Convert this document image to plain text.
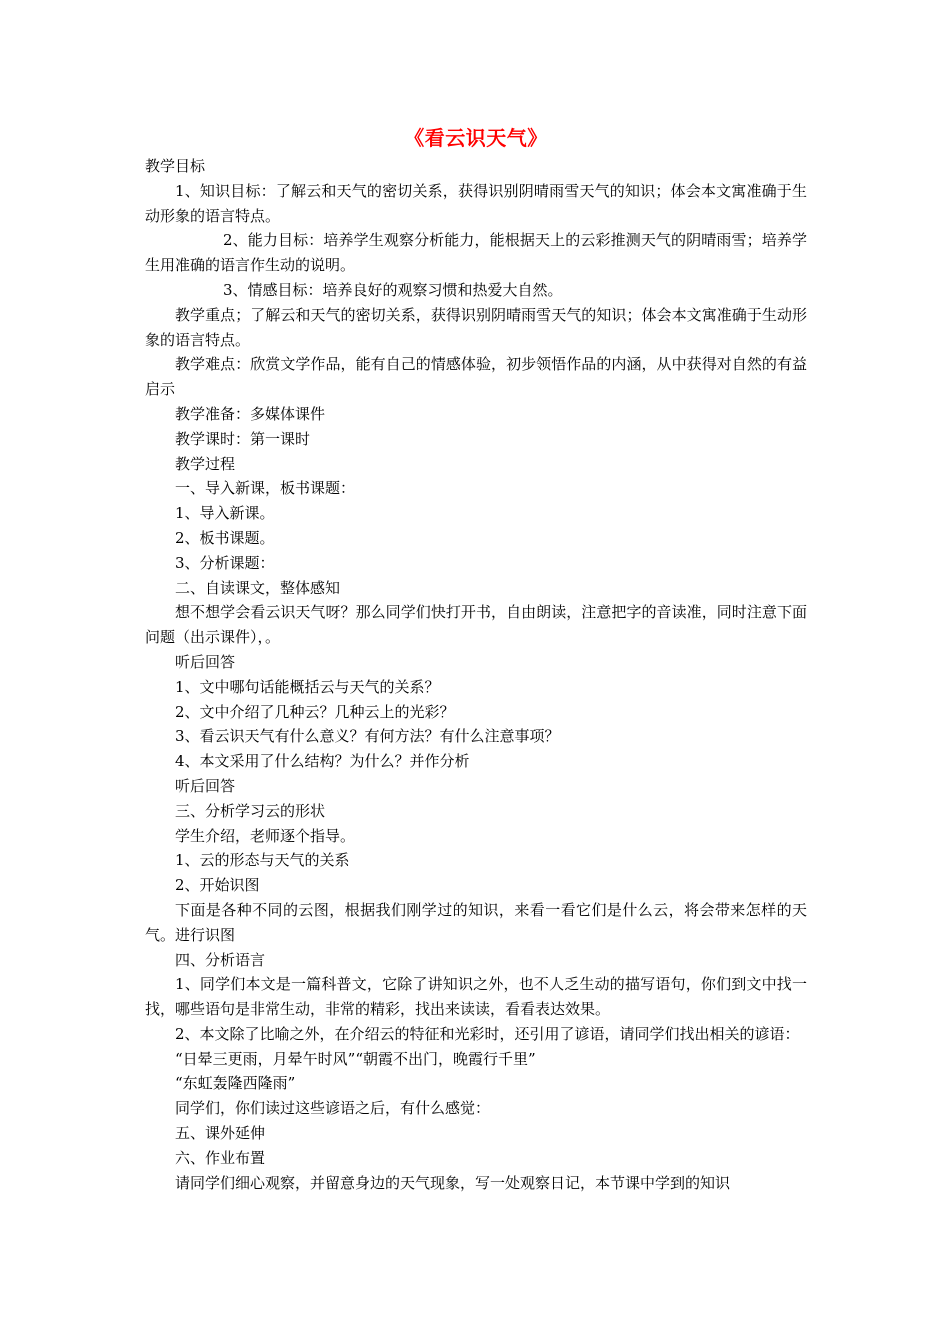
《看云识天气》

教学目标

1、知识目标：了解云和天气的密切关系，获得识别阴晴雨雪天气的知识；体会本文寓准确于生动形象的语言特点。

2、能力目标：培养学生观察分析能力，能根据天上的云彩推测天气的阴晴雨雪；培养学生用准确的语言作生动的说明。

3、情感目标：培养良好的观察习惯和热爱大自然。

教学重点；了解云和天气的密切关系，获得识别阴晴雨雪天气的知识；体会本文寓准确于生动形象的语言特点。

教学难点：欣赏文学作品，能有自己的情感体验，初步领悟作品的内涵，从中获得对自然的有益启示

教学准备：多媒体课件

教学课时：第一课时

教学过程

一、导入新课，板书课题：

1、导入新课。

2、板书课题。

3、分析课题：

二、自读课文，整体感知

想不想学会看云识天气呀？那么同学们快打开书，自由朗读，注意把字的音读准，同时注意下面问题（出示课件），。

听后回答

1、文中哪句话能概括云与天气的关系？

2、文中介绍了几种云？几种云上的光彩？

3、看云识天气有什么意义？有何方法？有什么注意事项？

4、本文采用了什么结构？为什么？并作分析

听后回答

三、分析学习云的形状

学生介绍，老师逐个指导。

1、云的形态与天气的关系

2、开始识图

下面是各种不同的云图，根据我们刚学过的知识，来看一看它们是什么云，将会带来怎样的天气。进行识图

四、分析语言

1、同学们本文是一篇科普文，它除了讲知识之外，也不人乏生动的描写语句，你们到文中找一找，哪些语句是非常生动，非常的精彩，找出来读读，看看表达效果。

2、本文除了比喻之外，在介绍云的特征和光彩时，还引用了谚语，请同学们找出相关的谚语：

“日晕三更雨，月晕午时风”“朝霞不出门，晚霞行千里”

“东虹轰隆西隆雨”

同学们，你们读过这些谚语之后，有什么感觉：

五、课外延伸

六、作业布置

请同学们细心观察，并留意身边的天气现象，写一处观察日记，本节课中学到的知识
